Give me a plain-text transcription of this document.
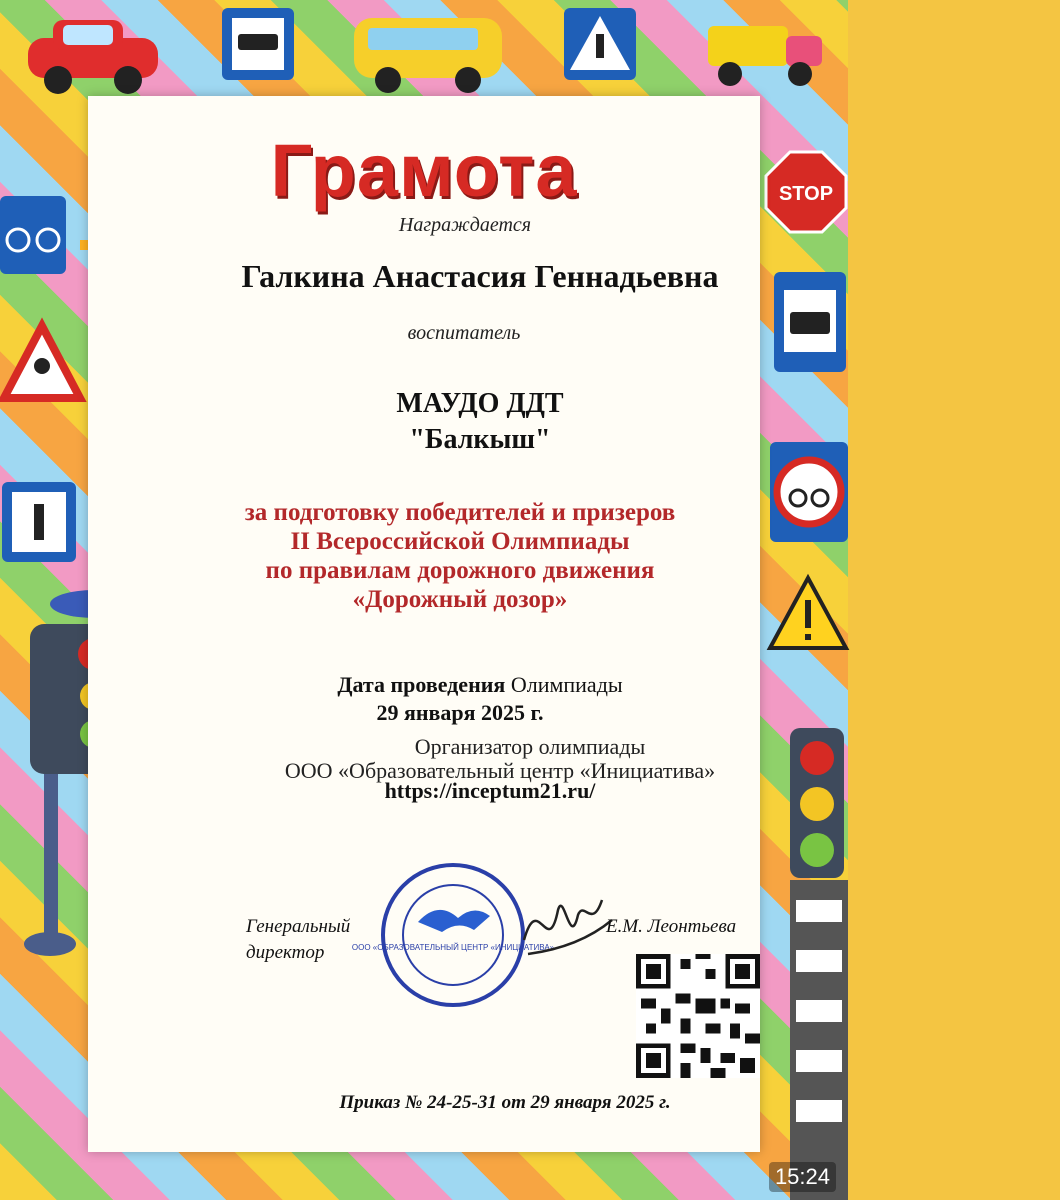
STOP
Грамота
Награждается
Галкина Анастасия Геннадьевна
воспитатель
МАУДО ДДТ
"Балкыш"
за подготовку победителей и призеров
II Всероссийской Олимпиады
по правилам дорожного движения
«Дорожный дозор»
Дата проведения Олимпиады
29 января 2025 г.
Организатор олимпиады
ООО «Образовательный центр «Инициатива»
https://inceptum21.ru/
Генеральный
директор	ООО «ОБРАЗОВАТЕЛЬНЫЙ ЦЕНТР «ИНИЦИАТИВА»
Е.М. Леонтьева
Приказ № 24-25-31 от 29 января 2025 г.
15:24
